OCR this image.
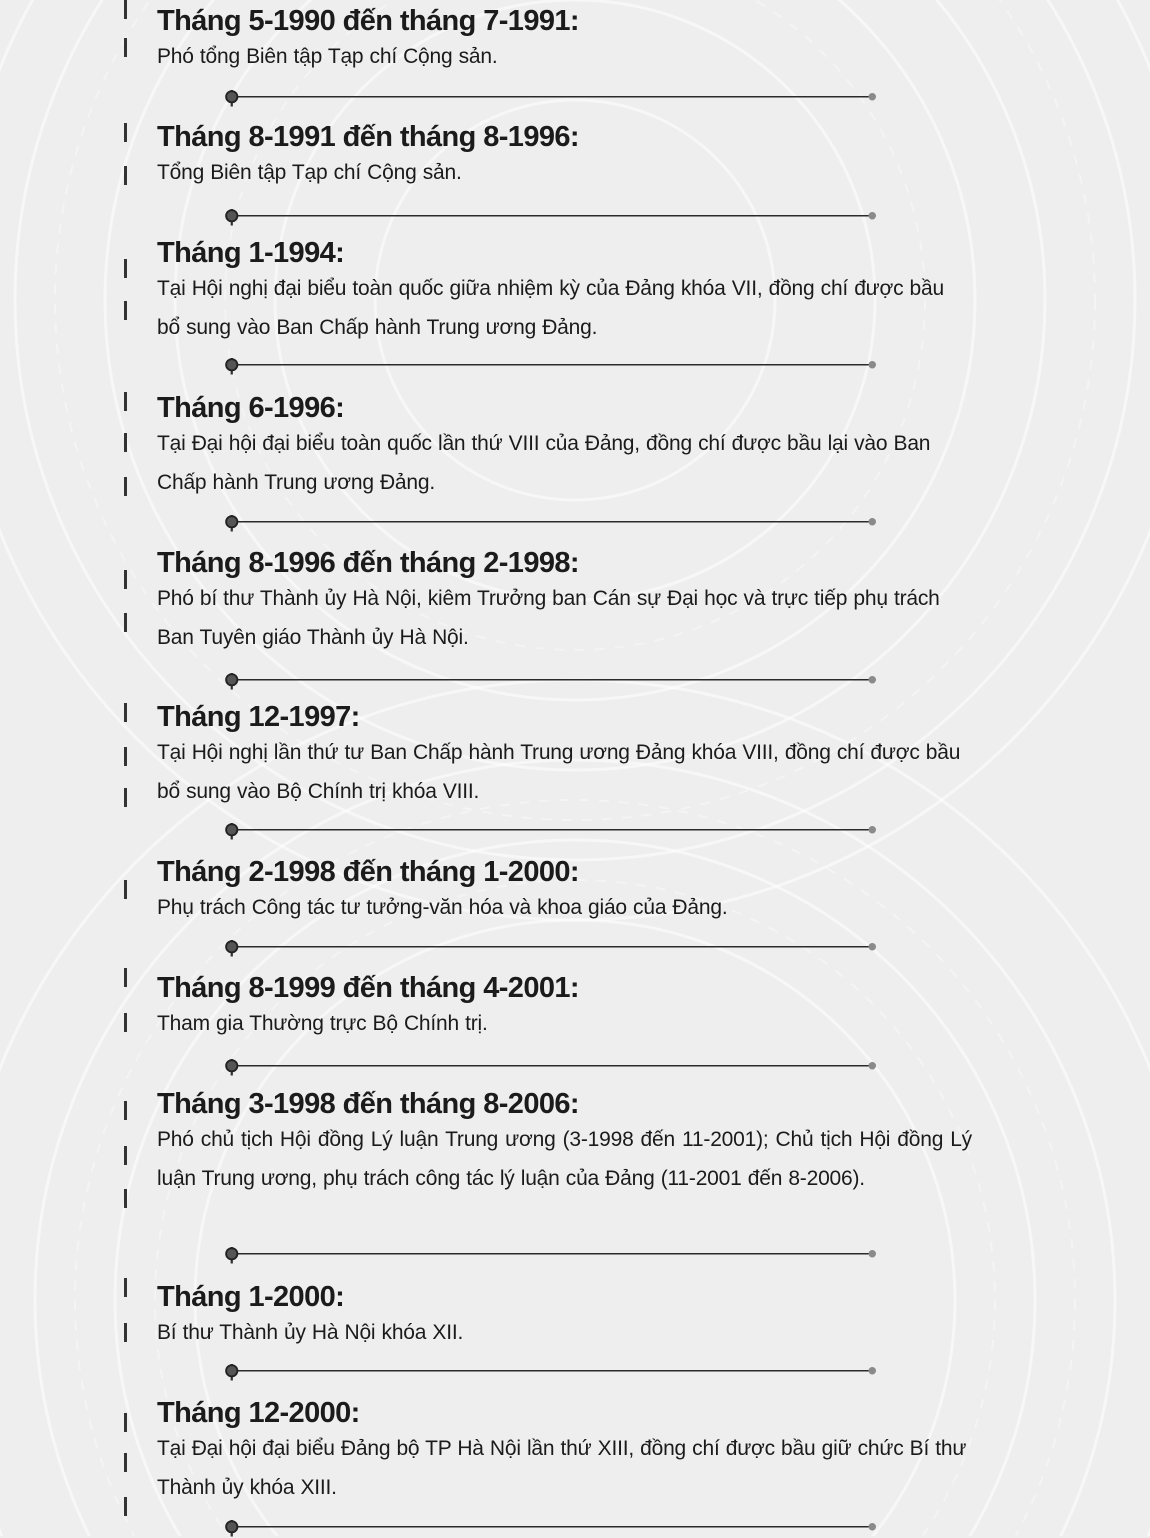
Tháng 5-1990 đến tháng 7-1991:
Phó tổng Biên tập Tạp chí Cộng sản.
Tháng 8-1991 đến tháng 8-1996:
Tổng Biên tập Tạp chí Cộng sản.
Tháng 1-1994:
Tại Hội nghị đại biểu toàn quốc giữa nhiệm kỳ của Đảng khóa VII, đồng chí được bầu bổ sung vào Ban Chấp hành Trung ương Đảng.
Tháng 6-1996:
Tại Đại hội đại biểu toàn quốc lần thứ VIII của Đảng, đồng chí được bầu lại vào Ban Chấp hành Trung ương Đảng.
Tháng 8-1996 đến tháng 2-1998:
Phó bí thư Thành ủy Hà Nội, kiêm Trưởng ban Cán sự Đại học và trực tiếp phụ trách Ban Tuyên giáo Thành ủy Hà Nội.
Tháng 12-1997:
Tại Hội nghị lần thứ tư Ban Chấp hành Trung ương Đảng khóa VIII, đồng chí được bầu bổ sung vào Bộ Chính trị khóa VIII.
Tháng 2-1998 đến tháng 1-2000:
Phụ trách Công tác tư tưởng-văn hóa và khoa giáo của Đảng.
Tháng 8-1999 đến tháng 4-2001:
Tham gia Thường trực Bộ Chính trị.
Tháng 3-1998 đến tháng 8-2006:
Phó chủ tịch Hội đồng Lý luận Trung ương (3-1998 đến 11-2001); Chủ tịch Hội đồng Lý luận Trung ương, phụ trách công tác lý luận của Đảng (11-2001 đến 8-2006).
Tháng 1-2000:
Bí thư Thành ủy Hà Nội khóa XII.
Tháng 12-2000:
Tại Đại hội đại biểu Đảng bộ TP Hà Nội lần thứ XIII, đồng chí được bầu giữ chức Bí thư Thành ủy khóa XIII.
